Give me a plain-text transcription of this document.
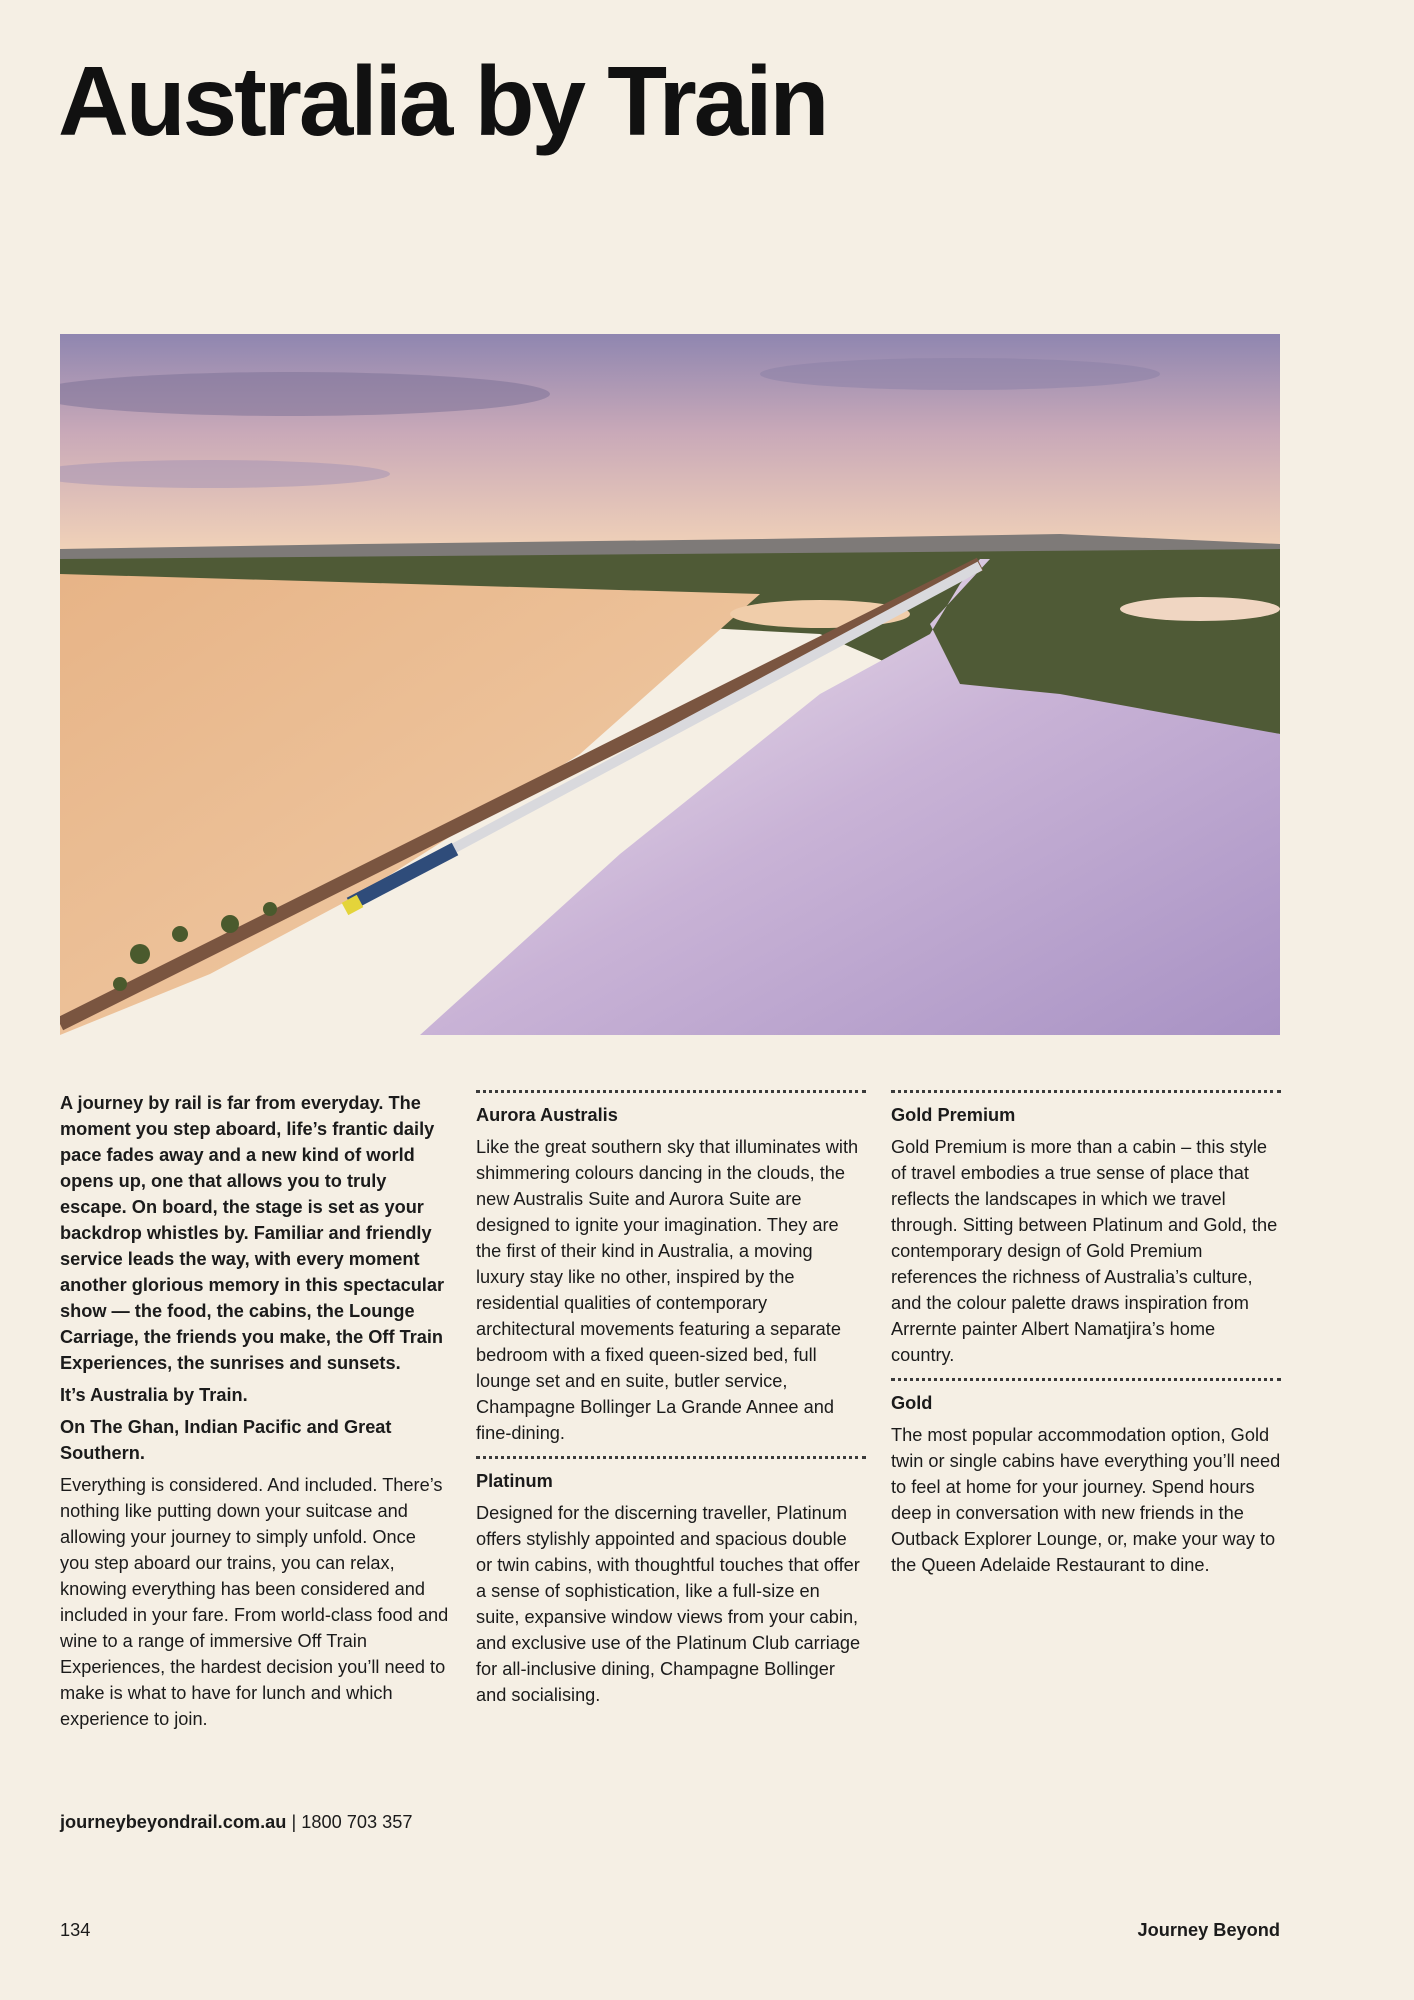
Australia by Train

A journey by rail is far from everyday. The moment you step aboard, life’s frantic daily pace fades away and a new kind of world opens up, one that allows you to truly escape. On board, the stage is set as your backdrop whistles by. Familiar and friendly service leads the way, with every moment another glorious memory in this spectacular show — the food, the cabins, the Lounge Carriage, the friends you make, the Off Train Experiences, the sunrises and sunsets.

It’s Australia by Train.

On The Ghan, Indian Pacific and Great Southern.

Everything is considered. And included. There’s nothing like putting down your suitcase and allowing your journey to simply unfold. Once you step aboard our trains, you can relax, knowing everything has been considered and included in your fare. From world-class food and wine to a range of immersive Off Train Experiences, the hardest decision you’ll need to make is what to have for lunch and which experience to join.

Aurora Australis

Like the great southern sky that illuminates with shimmering colours dancing in the clouds, the new Australis Suite and Aurora Suite are designed to ignite your imagination. They are the first of their kind in Australia, a moving luxury stay like no other, inspired by the residential qualities of contemporary architectural movements featuring a separate bedroom with a fixed queen-sized bed, full lounge set and en suite, butler service, Champagne Bollinger La Grande Annee and fine-dining.

Platinum

Designed for the discerning traveller, Platinum offers stylishly appointed and spacious double or twin cabins, with thoughtful touches that offer a sense of sophistication, like a full-size en suite, expansive window views from your cabin, and exclusive use of the Platinum Club carriage for all-inclusive dining, Champagne Bollinger and socialising.

Gold Premium

Gold Premium is more than a cabin – this style of travel embodies a true sense of place that reflects the landscapes in which we travel through. Sitting between Platinum and Gold, the contemporary design of Gold Premium references the richness of Australia’s culture, and the colour palette draws inspiration from Arrernte painter Albert Namatjira’s home country.

Gold

The most popular accommodation option, Gold twin or single cabins have everything you’ll need to feel at home for your journey. Spend hours deep in conversation with new friends in the Outback Explorer Lounge, or, make your way to the Queen Adelaide Restaurant to dine.

journeybeyondrail.com.au | 1800 703 357
134	Journey Beyond
